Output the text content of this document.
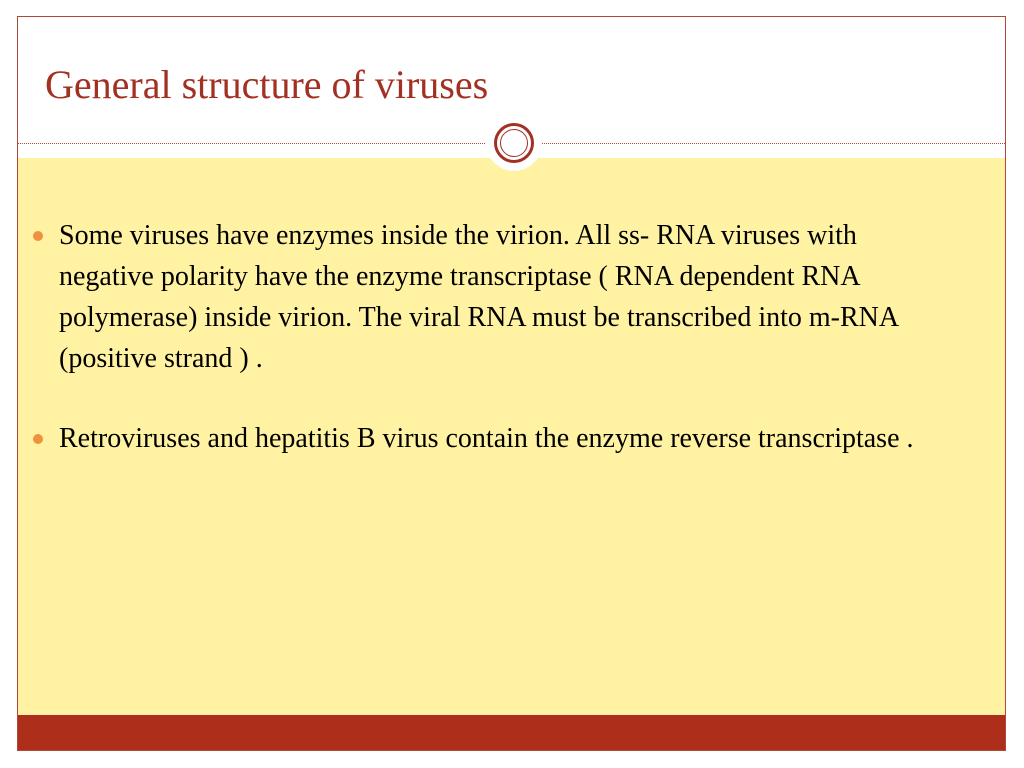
General structure of viruses
Some viruses have enzymes inside the virion. All ss- RNA viruses with negative polarity have the enzyme transcriptase ( RNA dependent RNA polymerase) inside virion. The viral RNA must be transcribed into m-RNA (positive strand ) .
Retroviruses and hepatitis B virus contain the enzyme reverse transcriptase .
